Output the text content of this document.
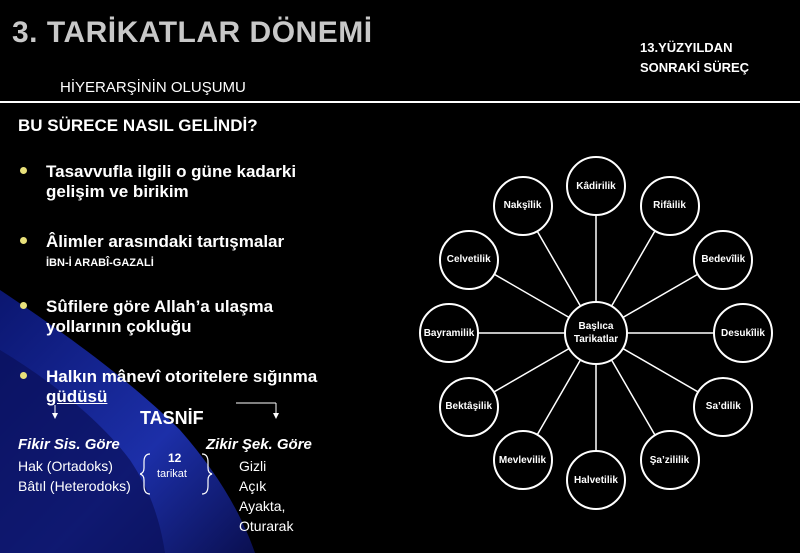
3. TARİKATLAR DÖNEMİ
HİYERARŞİNİN OLUŞUMU
13.YÜZYILDAN
SONRAKİ SÜREÇ
BU SÜRECE NASIL GELİNDİ?
Tasavvufla ilgili o güne kadarki
gelişim ve birikim
Âlimler arasındaki tartışmalar
İBN-İ ARABÎ-GAZALİ
Sûfilere göre Allah’a ulaşma
yollarının çokluğu
Halkın mânevî otoritelere sığınma
güdüsü
TASNİF
Fikir Sis. Göre
Hak (Ortadoks)
Bâtıl (Heterodoks)
12
tarikat
Zikir Şek. Göre
Gizli
Açık
Ayakta,
Oturarak
Kâdirilik
Rifâilik
Bedevîlik
Desukîlik
Sa’dilik
Şa’zililik
Halvetilik
Mevlevilik
Bektâşilik
Bayramilik
Celvetilik
Nakşîlik
Başlıca
Tarikatlar
